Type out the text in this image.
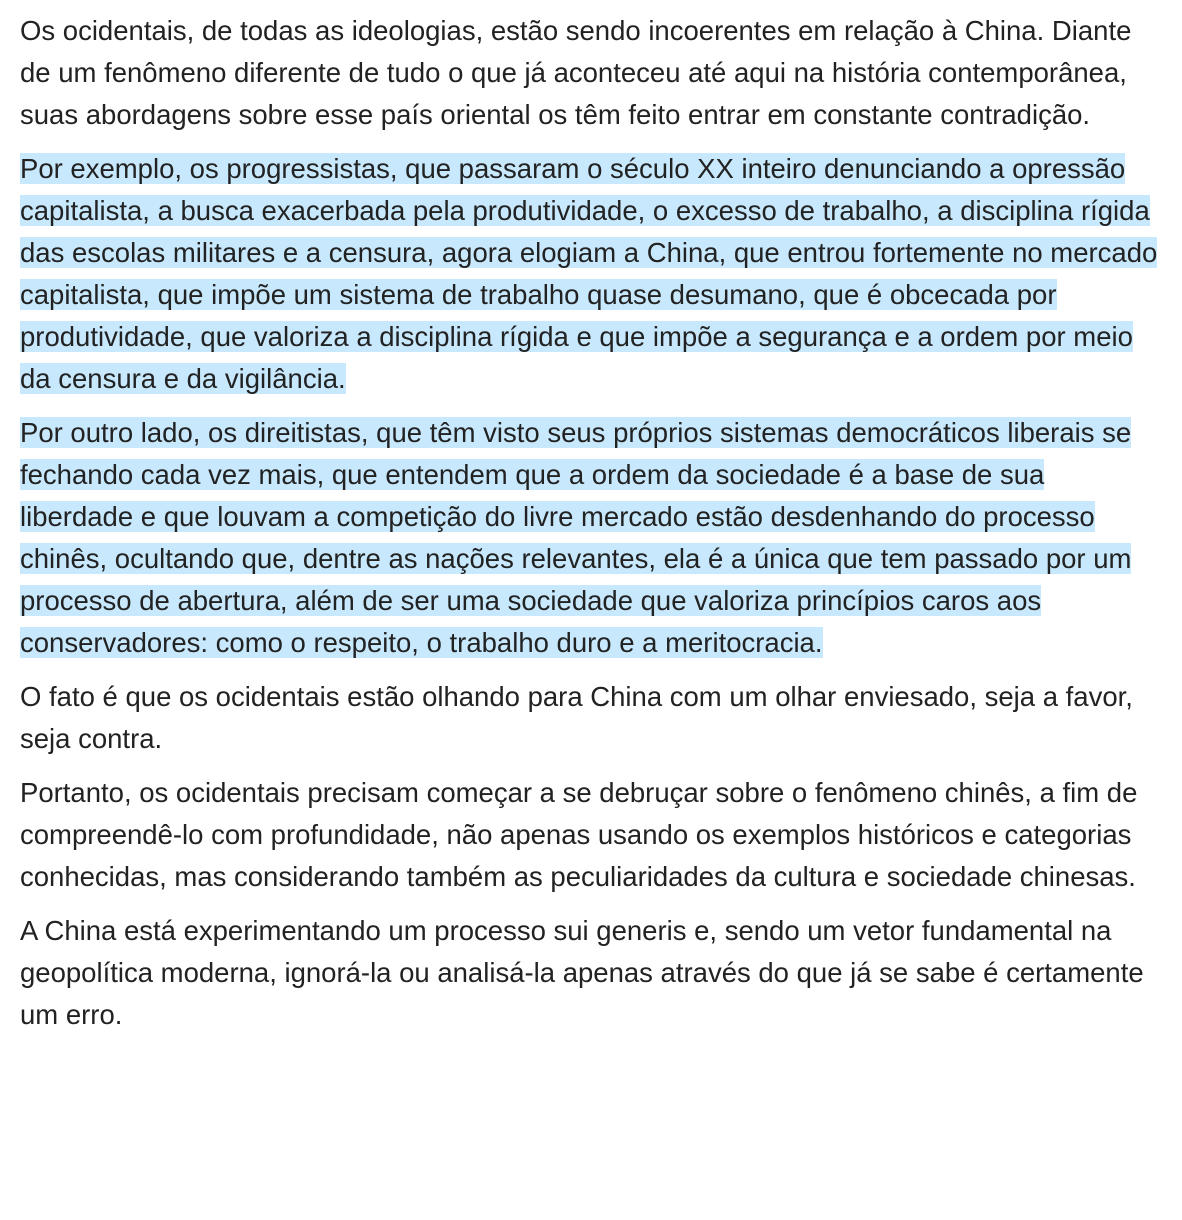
Os ocidentais, de todas as ideologias, estão sendo incoerentes em relação à China. Diante de um fenômeno diferente de tudo o que já aconteceu até aqui na história contemporânea, suas abordagens sobre esse país oriental os têm feito entrar em constante contradição.

Por exemplo, os progressistas, que passaram o século XX inteiro denunciando a opressão capitalista, a busca exacerbada pela produtividade, o excesso de trabalho, a disciplina rígida das escolas militares e a censura, agora elogiam a China, que entrou fortemente no mercado capitalista, que impõe um sistema de trabalho quase desumano, que é obcecada por produtividade, que valoriza a disciplina rígida e que impõe a segurança e a ordem por meio da censura e da vigilância.

Por outro lado, os direitistas, que têm visto seus próprios sistemas democráticos liberais se fechando cada vez mais, que entendem que a ordem da sociedade é a base de sua liberdade e que louvam a competição do livre mercado estão desdenhando do processo chinês, ocultando que, dentre as nações relevantes, ela é a única que tem passado por um processo de abertura, além de ser uma sociedade que valoriza princípios caros aos conservadores: como o respeito, o trabalho duro e a meritocracia.

O fato é que os ocidentais estão olhando para China com um olhar enviesado, seja a favor, seja contra.

Portanto, os ocidentais precisam começar a se debruçar sobre o fenômeno chinês, a fim de compreendê-lo com profundidade, não apenas usando os exemplos históricos e categorias conhecidas, mas considerando também as peculiaridades da cultura e sociedade chinesas.

A China está experimentando um processo sui generis e, sendo um vetor fundamental na geopolítica moderna, ignorá-la ou analisá-la apenas através do que já se sabe é certamente um erro.
